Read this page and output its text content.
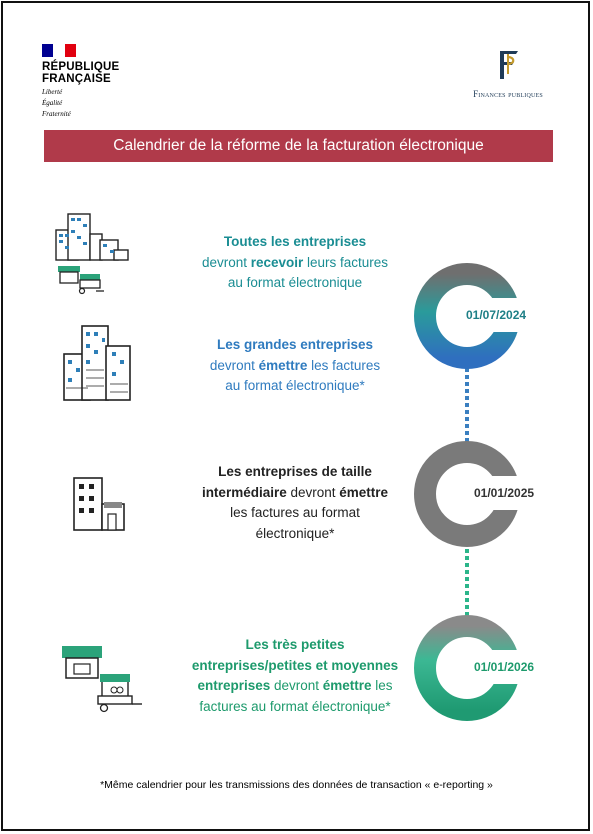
RÉPUBLIQUE
FRANÇAISE
Liberté
Égalité
Fraternité
Finances publiques
Calendrier de la réforme de la facturation électronique
Toutes les entreprises
devront recevoir leurs factures
au format électronique
Les grandes entreprises
devront émettre les factures
au format électronique*
Les entreprises de taille
intermédiaire devront émettre
les factures au format
électronique*
Les très petites
entreprises/petites et moyennes
entreprises devront émettre les
factures au format électronique*
01/07/2024
01/01/2025
01/01/2026
*Même calendrier pour les transmissions des données de transaction « e-reporting »
